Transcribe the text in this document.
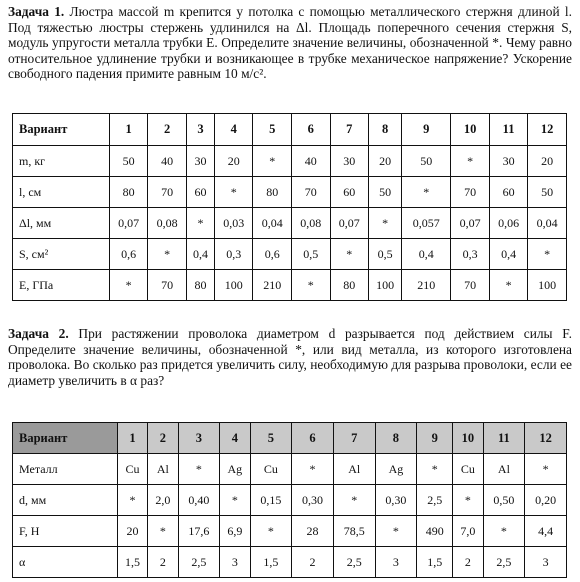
Задача 1. Люстра массой m крепится у потолка с помощью металлического стержня длиной l. Под тяжестью люстры стержень удлинился на Δl. Площадь поперечного сечения стержня S, модуль упругости металла трубки E. Определите значение величины, обозначенной *. Чему равно относительное удлинение трубки и возникающее в трубке механическое напряжение? Ускорение свободного падения примите равным 10 м/с².

Вариант	1	2	3	4	5	6	7	8	9	10	11	12
m, кг	50	40	30	20	*	40	30	20	50	*	30	20
l, см	80	70	60	*	80	70	60	50	*	70	60	50
Δl, мм	0,07	0,08	*	0,03	0,04	0,08	0,07	*	0,057	0,07	0,06	0,04
S, см²	0,6	*	0,4	0,3	0,6	0,5	*	0,5	0,4	0,3	0,4	*
E, ГПа	*	70	80	100	210	*	80	100	210	70	*	100

Задача 2. При растяжении проволока диаметром d разрывается под действием силы F. Определите значение величины, обозначенной *, или вид металла, из которого изготовлена проволока. Во сколько раз придется увеличить силу, необходимую для разрыва проволоки, если ее диаметр увеличить в α раз?

Вариант	1	2	3	4	5	6	7	8	9	10	11	12
Металл	Cu	Al	*	Ag	Cu	*	Al	Ag	*	Cu	Al	*
d, мм	*	2,0	0,40	*	0,15	0,30	*	0,30	2,5	*	0,50	0,20
F, Н	20	*	17,6	6,9	*	28	78,5	*	490	7,0	*	4,4
α	1,5	2	2,5	3	1,5	2	2,5	3	1,5	2	2,5	3
